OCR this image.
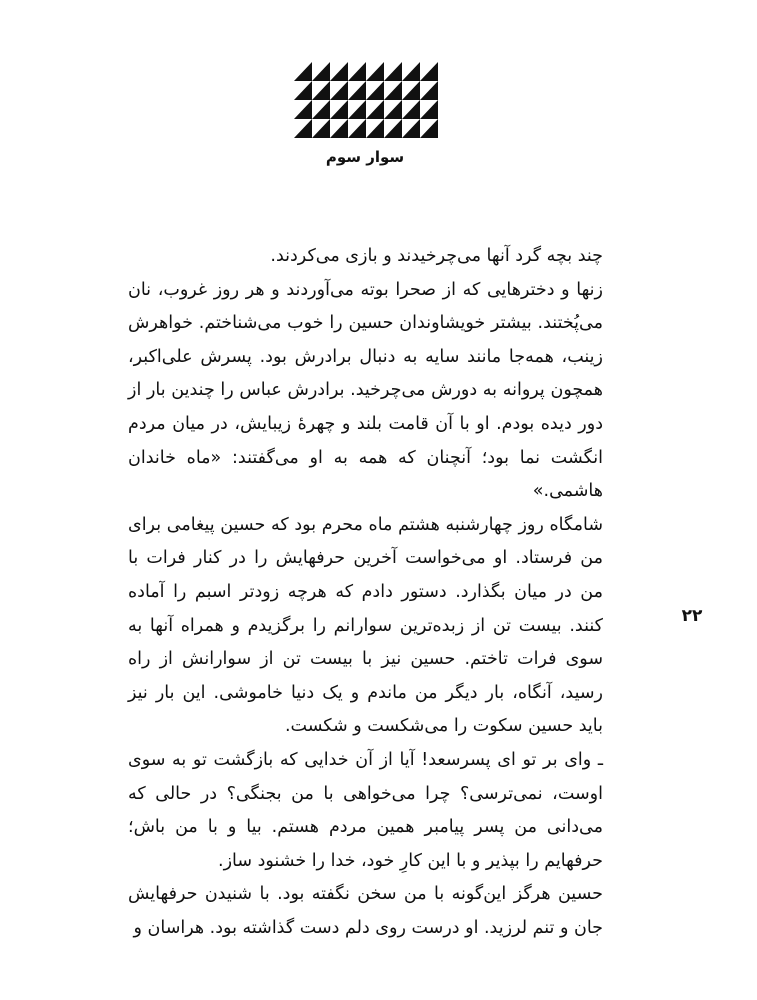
سوار سوم

چند بچه گرد آنها می‌چرخیدند و بازی می‌کردند.

زنها و دخترهایی که از صحرا بوته می‌آوردند و هر روز غروب، نان می‌پُختند. بیشتر خویشاوندان حسین را خوب می‌شناختم. خواهرش زینب، همه‌جا مانند سایه به دنبال برادرش بود. پسرش علی‌اکبر، همچون پروانه به دورش می‌چرخید. برادرش عباس را چندین بار از دور دیده بودم. او با آن قامت بلند و چهرهٔ زیبایش، در میان مردم انگشت نما بود؛ آنچنان که همه به او می‌گفتند: «ماه خاندان هاشمی.»

شامگاه روز چهارشنبه هشتم ماه محرم بود که حسین پیغامی برای من فرستاد. او می‌خواست آخرین حرفهایش را در کنار فرات با من در میان بگذارد. دستور دادم که هرچه زودتر اسبم را آماده کنند. بیست تن از زبده‌ترین سوارانم را برگزیدم و همراه آنها به سوی فرات تاختم. حسین نیز با بیست تن از سوارانش از راه رسید، آنگاه، بار دیگر من ماندم و یک دنیا خاموشی. این بار نیز باید حسین سکوت را می‌شکست و شکست.

ـ وای بر تو ای پسرسعد! آیا از آن خدایی که بازگشت تو به سوی اوست، نمی‌ترسی؟ چرا می‌خواهی با من بجنگی؟ در حالی که می‌دانی من پسر پیامبر همین مردم هستم. بیا و با من باش؛ حرفهایم را بپذیر و با این کارِ خود، خدا را خشنود ساز.

حسین هرگز این‌گونه با من سخن نگفته بود. با شنیدن حرفهایش جان و تنم لرزید. او درست روی دلم دست گذاشته بود. هراسان و

۲۲
